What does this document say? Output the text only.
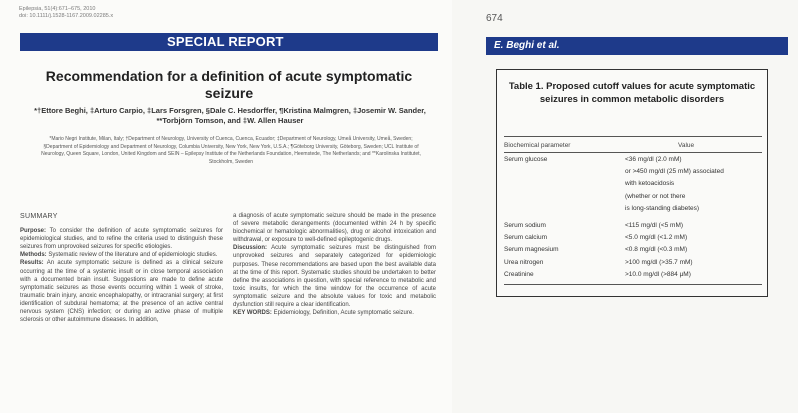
Epilepsia, 51(4):671–675, 2010
doi: 10.1111/j.1528-1167.2009.02285.x
SPECIAL REPORT
Recommendation for a definition of acute symptomatic seizure
*†Ettore Beghi, ‡Arturo Carpio, ‡Lars Forsgren, §Dale C. Hesdorffer, ¶Kristina Malmgren, ‡Josemir W. Sander, **Torbjörn Tomson, and ‡W. Allen Hauser
*Mario Negri Institute, Milan, Italy; †Department of Neurology, University of Cuenca, Cuenca, Ecuador; ‡Department of Neurology, Umeå University, Umeå, Sweden; §Department of Epidemiology and Department of Neurology, Columbia University, New York, New York, U.S.A.; ¶Göteborg University, Göteborg, Sweden; UCL Institute of Neurology, Queen Square, London, United Kingdom and SEIN – Epilepsy Institute of the Netherlands Foundation, Heemstede, The Netherlands; and **Karolinska Institutet, Stockholm, Sweden
SUMMARY
Purpose: To consider the definition of acute symptomatic seizures for epidemiological studies, and to refine the criteria used to distinguish these seizures from unprovoked seizures for specific etiologies.
Methods: Systematic review of the literature and of epidemiologic studies.
Results: An acute symptomatic seizure is defined as a clinical seizure occurring at the time of a systemic insult or in close temporal association with a documented brain insult. Suggestions are made to define acute symptomatic seizures as those events occurring within 1 week of stroke, traumatic brain injury, anoxic encephalopathy, or intracranial surgery; at first identification of subdural hematoma; at the presence of an active central nervous system (CNS) infection; or during an active phase of multiple sclerosis or other autoimmune diseases. In addition,
a diagnosis of acute symptomatic seizure should be made in the presence of severe metabolic derangements (documented within 24 h by specific biochemical or hematologic abnormalities), drug or alcohol intoxication and withdrawal, or exposure to well-defined epileptogenic drugs.
Discussion: Acute symptomatic seizures must be distinguished from unprovoked seizures and separately categorized for epidemiologic purposes. These recommendations are based upon the best available data at the time of this report. Systematic studies should be undertaken to better define the associations in question, with special reference to metabolic and toxic insults, for which the time window for the occurrence of acute symptomatic seizure and the absolute values for toxic and metabolic dysfunction still require a clear identification.
KEY WORDS: Epidemiology, Definition, Acute symptomatic seizure.
674
E. Beghi et al.
Table 1. Proposed cutoff values for acute symptomatic seizures in common metabolic disorders
Biochemical parameter	Value
Serum glucose	<36 mg/dl (2.0 mM)
or >450 mg/dl (25 mM) associated
with ketoacidosis
(whether or not there
is long-standing diabetes)
Serum sodium	<115 mg/dl (<5 mM)
Serum calcium	<5.0 mg/dl (<1.2 mM)
Serum magnesium	<0.8 mg/dl (<0.3 mM)
Urea nitrogen	>100 mg/dl (>35.7 mM)
Creatinine	>10.0 mg/dl (>884 μM)
